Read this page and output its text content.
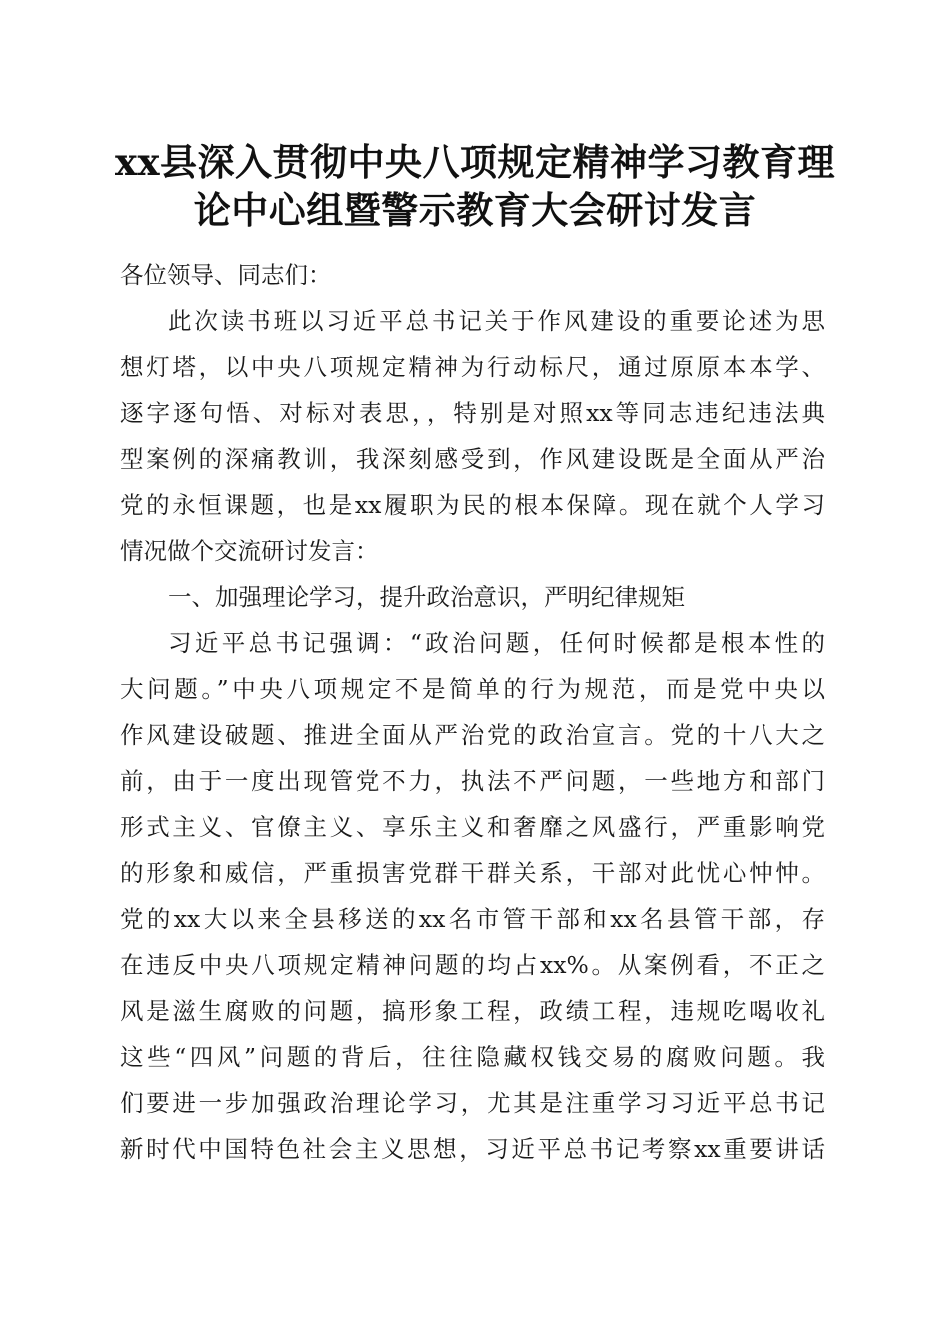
xx县深入贯彻中央八项规定精神学习教育理
论中心组暨警示教育大会研讨发言
各位领导、同志们：
此次读书班以习近平总书记关于作风建设的重要论述为思
想灯塔，以中央八项规定精神为行动标尺，通过原原本本学、
逐字逐句悟、对标对表思，，特别是对照xx等同志违纪违法典
型案例的深痛教训，我深刻感受到，作风建设既是全面从严治
党的永恒课题，也是xx履职为民的根本保障。现在就个人学习
情况做个交流研讨发言：
一、加强理论学习，提升政治意识，严明纪律规矩
习近平总书记强调：“政治问题，任何时候都是根本性的
大问题。”中央八项规定不是简单的行为规范，而是党中央以
作风建设破题、推进全面从严治党的政治宣言。党的十八大之
前，由于一度出现管党不力，执法不严问题，一些地方和部门
形式主义、官僚主义、享乐主义和奢靡之风盛行，严重影响党
的形象和威信，严重损害党群干群关系，干部对此忧心忡忡。
党的xx大以来全县移送的xx名市管干部和xx名县管干部，存
在违反中央八项规定精神问题的均占xx%。从案例看，不正之
风是滋生腐败的问题，搞形象工程，政绩工程，违规吃喝收礼
这些“四风”问题的背后，往往隐藏权钱交易的腐败问题。我
们要进一步加强政治理论学习，尤其是注重学习习近平总书记
新时代中国特色社会主义思想，习近平总书记考察xx重要讲话
